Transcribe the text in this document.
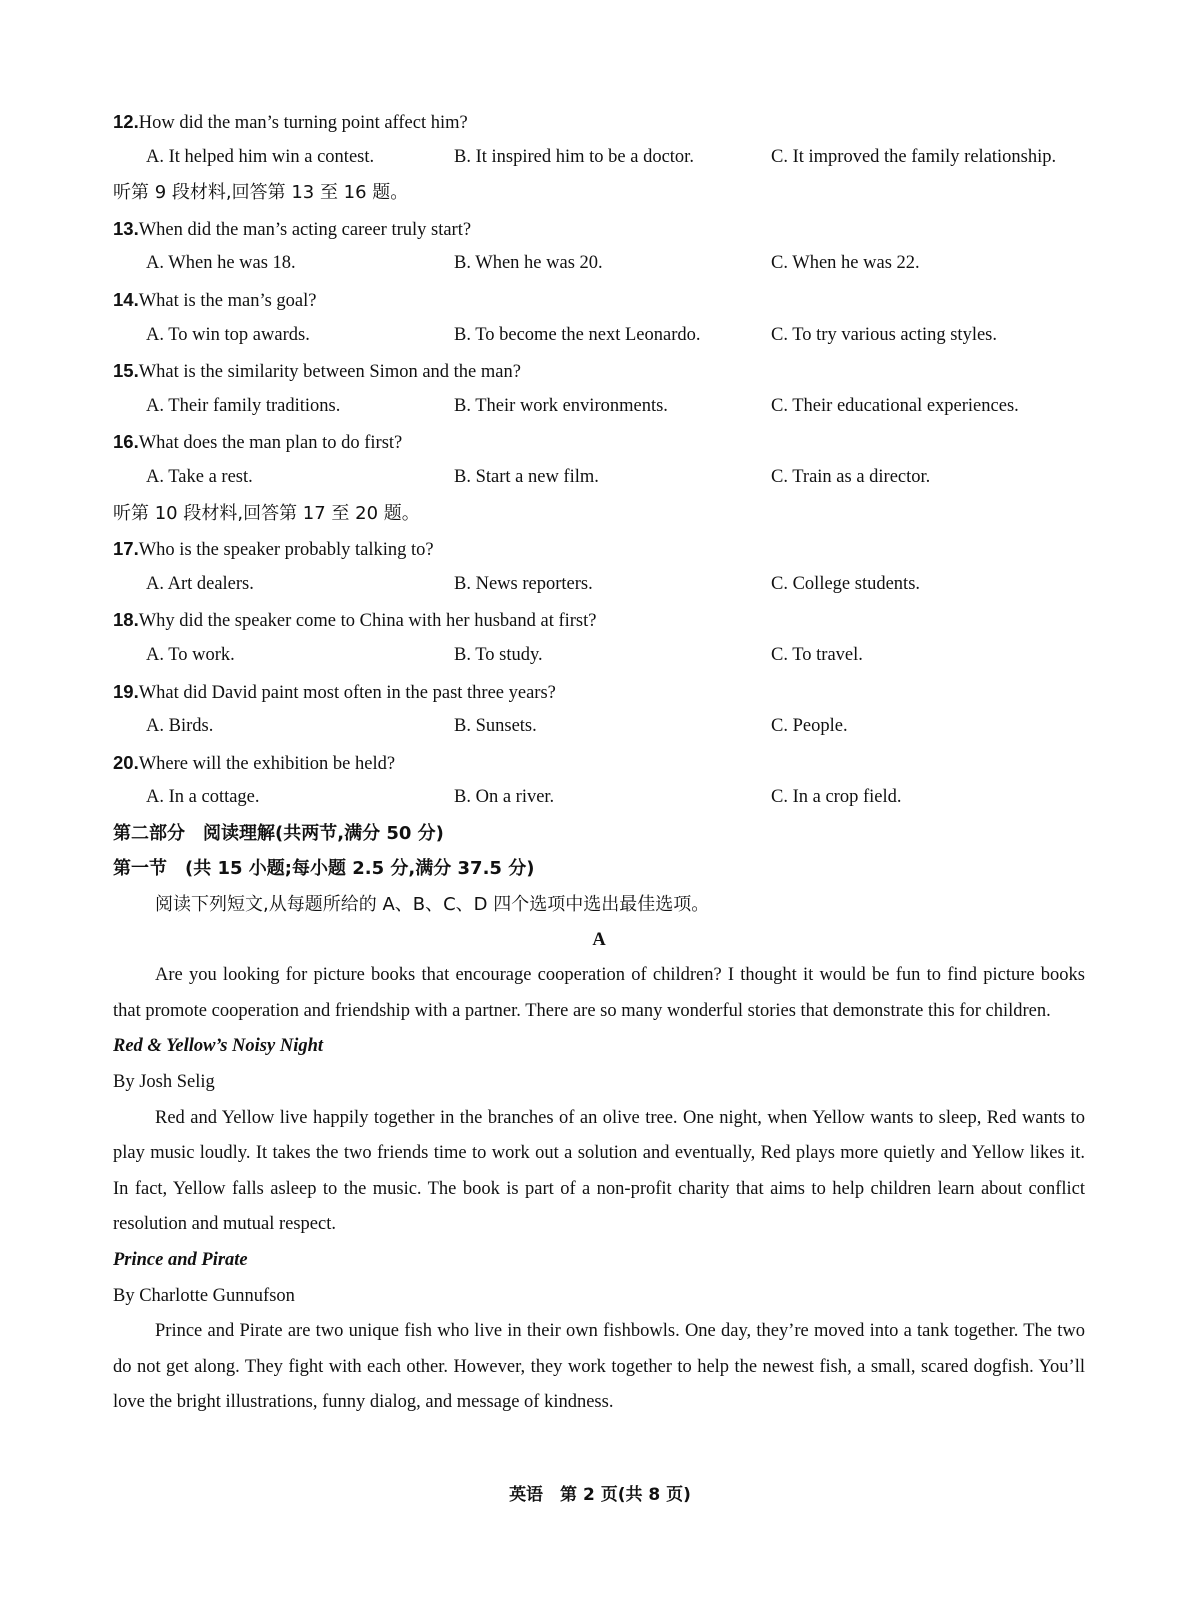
12.How did the man’s turning point affect him?
A. It helped him win a contest.	B. It inspired him to be a doctor.	C. It improved the family relationship.
听第 9 段材料,回答第 13 至 16 题。
13.When did the man’s acting career truly start?
A. When he was 18.	B. When he was 20.	C. When he was 22.
14.What is the man’s goal?
A. To win top awards.	B. To become the next Leonardo.	C. To try various acting styles.
15.What is the similarity between Simon and the man?
A. Their family traditions.	B. Their work environments.	C. Their educational experiences.
16.What does the man plan to do first?
A. Take a rest.	B. Start a new film.	C. Train as a director.
听第 10 段材料,回答第 17 至 20 题。
17.Who is the speaker probably talking to?
A. Art dealers.	B. News reporters.	C. College students.
18.Why did the speaker come to China with her husband at first?
A. To work.	B. To study.	C. To travel.
19.What did David paint most often in the past three years?
A. Birds.	B. Sunsets.	C. People.
20.Where will the exhibition be held?
A. In a cottage.	B. On a river.	C. In a crop field.
第二部分　阅读理解(共两节,满分 50 分)
第一节　(共 15 小题;每小题 2.5 分,满分 37.5 分)
阅读下列短文,从每题所给的 A、B、C、D 四个选项中选出最佳选项。
A

Are you looking for picture books that encourage cooperation of children? I thought it would be fun to find picture books that promote cooperation and friendship with a partner. There are so many wonderful stories that demonstrate this for children.

Red & Yellow’s Noisy Night
By Josh Selig

Red and Yellow live happily together in the branches of an olive tree. One night, when Yellow wants to sleep, Red wants to play music loudly. It takes the two friends time to work out a solution and eventually, Red plays more quietly and Yellow likes it. In fact, Yellow falls asleep to the music. The book is part of a non-profit charity that aims to help children learn about conflict resolution and mutual respect.

Prince and Pirate
By Charlotte Gunnufson

Prince and Pirate are two unique fish who live in their own fishbowls. One day, they’re moved into a tank together. The two do not get along. They fight with each other. However, they work together to help the newest fish, a small, scared dogfish. You’ll love the bright illustrations, funny dialog, and message of kindness.

英语　第 2 页(共 8 页)
